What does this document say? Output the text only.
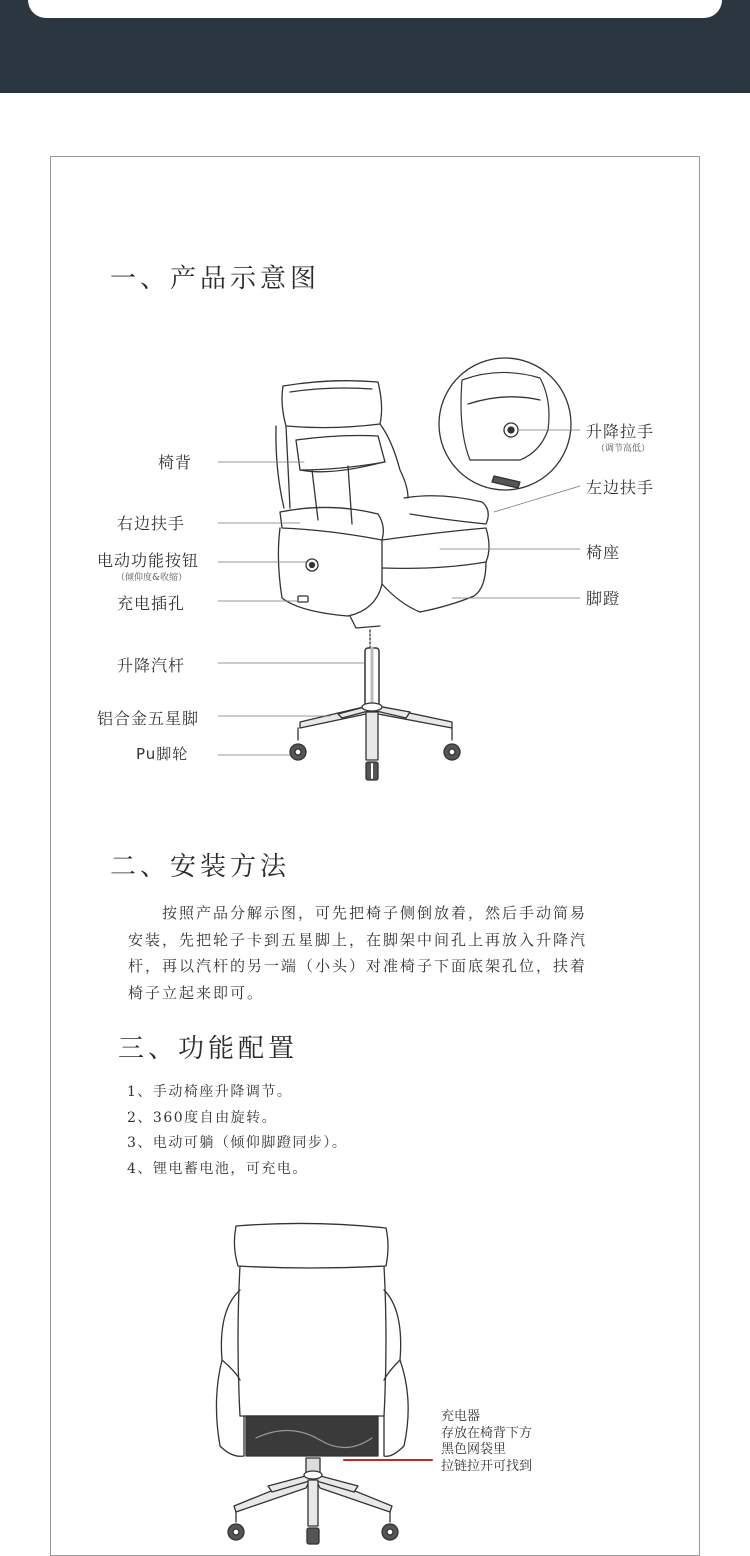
一、产品示意图
椅背
右边扶手
电动功能按钮
（倾仰度&收缩）
充电插孔
升降汽杆
铝合金五星脚
Pu脚轮
升降拉手
（调节高低）
左边扶手
椅座
脚蹬
二、安装方法
按照产品分解示图，可先把椅子侧倒放着，然后手动简易
安装，先把轮子卡到五星脚上，在脚架中间孔上再放入升降汽
杆，再以汽杆的另一端（小头）对准椅子下面底架孔位，扶着
椅子立起来即可。
三、功能配置
1、手动椅座升降调节。
2、360度自由旋转。
3、电动可躺（倾仰脚蹬同步）。
4、锂电蓄电池，可充电。
充电器
存放在椅背下方
黑色网袋里
拉链拉开可找到
